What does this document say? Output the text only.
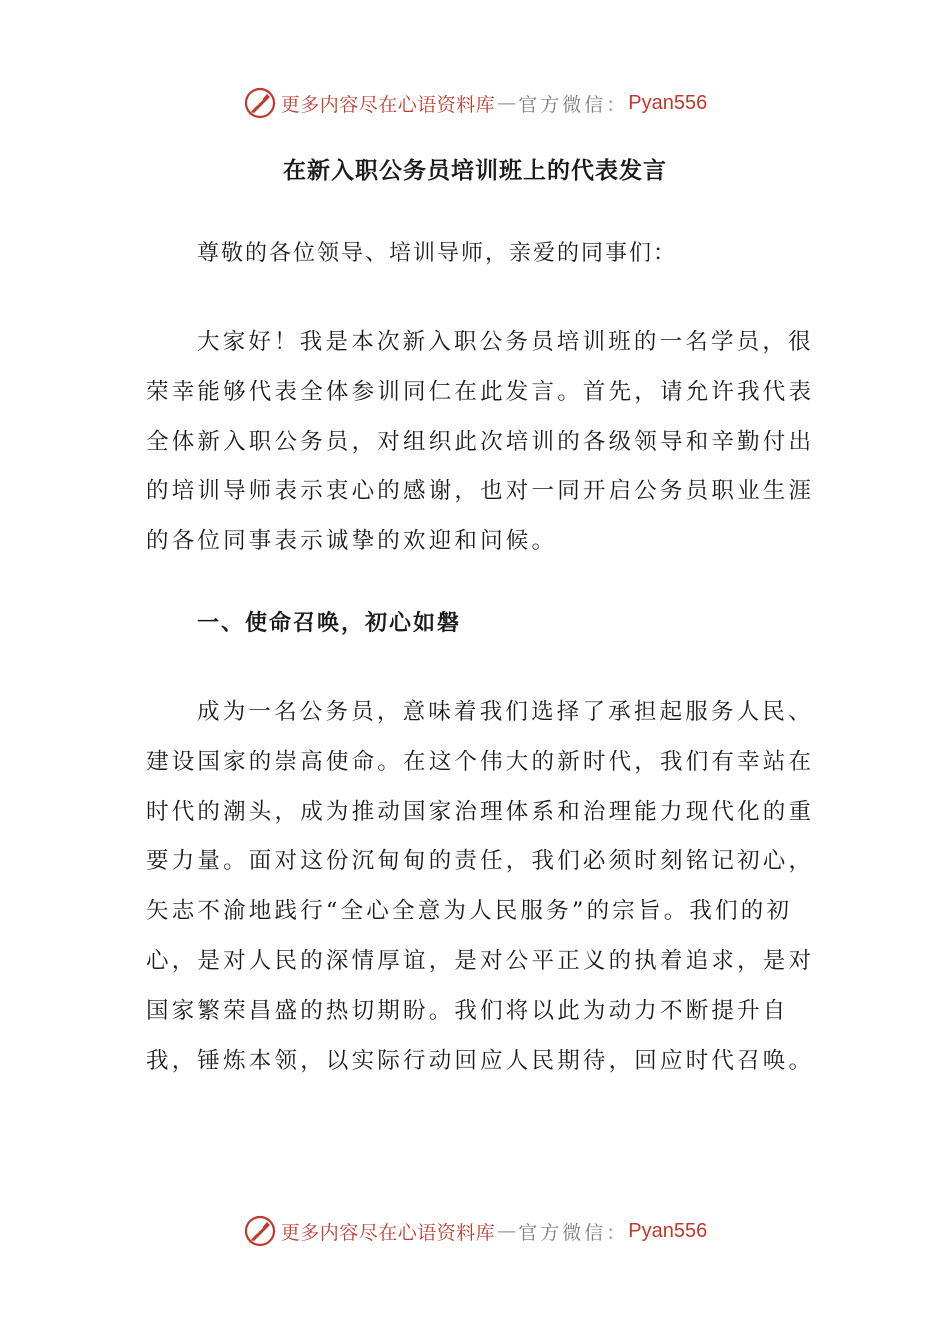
更多内容尽在心语资料库 — 官方微信： Pyan556
在新入职公务员培训班上的代表发言

尊敬的各位领导、培训导师，亲爱的同事们：

大家好！我是本次新入职公务员培训班的一名学员，很荣幸能够代表全体参训同仁在此发言。首先，请允许我代表全体新入职公务员，对组织此次培训的各级领导和辛勤付出的培训导师表示衷心的感谢，也对一同开启公务员职业生涯的各位同事表示诚挚的欢迎和问候。

一、使命召唤，初心如磐

成为一名公务员，意味着我们选择了承担起服务人民、建设国家的崇高使命。在这个伟大的新时代，我们有幸站在时代的潮头，成为推动国家治理体系和治理能力现代化的重要力量。面对这份沉甸甸的责任，我们必须时刻铭记初心，矢志不渝地践行“全心全意为人民服务”的宗旨。我们的初心，是对人民的深情厚谊，是对公平正义的执着追求，是对国家繁荣昌盛的热切期盼。我们将以此为动力不断提升自我，锤炼本领，以实际行动回应人民期待，回应时代召唤。

更多内容尽在心语资料库 — 官方微信： Pyan556
